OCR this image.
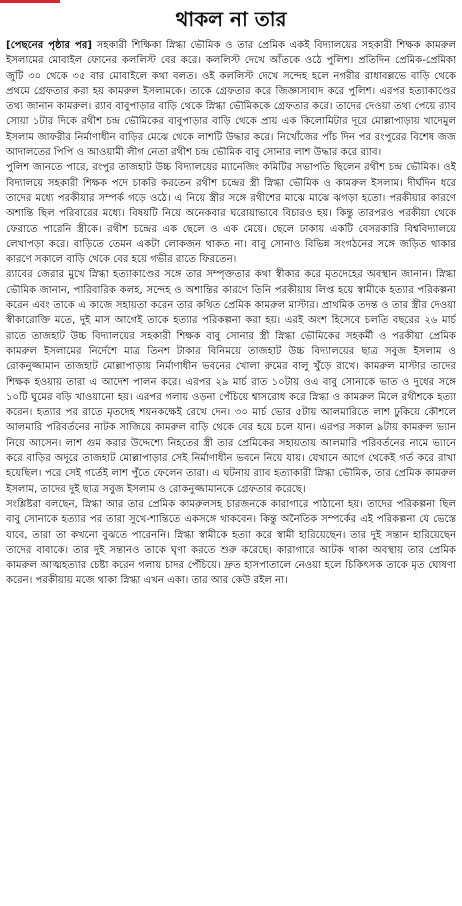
থাকল না তার

[পেছনের পৃষ্ঠার পর] সহকারী শিক্ষিকা স্নিগ্ধা ভৌমিক ও তার প্রেমিক একই বিদ্যালয়ের সহকারী শিক্ষক কামরুল ইসলামের মোবাইল ফোনের কললিস্ট বের করে। কললিস্ট দেখে আঁতকে ওঠে পুলিশ। প্রতিদিন প্রেমিক-প্রেমিকা জুটি ৩০ থেকে ৩৫ বার মোবাইলে কথা বলত। ওই কললিস্ট দেখে সন্দেহ হলে নগরীর রাধাবল্লভে বাড়ি থেকে প্রথমে গ্রেফতার করা হয় কামরুল ইসলামকে। তাকে গ্রেফতার করে জিজ্ঞাসাবাদ করে পুলিশ। এরপর হত্যাকাণ্ডের তথ্য জানান কামরুল। র‌্যাব বাবুপাড়ার বাড়ি থেকে স্নিগ্ধা ভৌমিককে গ্রেফতার করে। তাদের দেওয়া তথ্য পেয়ে র‌্যাব সোয়া ১টার দিকে রথীশ চন্দ্র ভৌমিকের বাবুপাড়ার বাড়ি থেকে প্রায় এক কিলোমিটার দূরে মোল্লাপাড়ায় খাদেমুল ইসলাম জাফরীর নির্মাণাধীন বাড়ির মেঝে থেকে লাশটি উদ্ধার করে। নিখোঁজের পাঁচ দিন পর রংপুরের বিশেষ জজ আদালতের পিপি ও আওয়ামী লীগ নেতা রথীশ চন্দ্র ভৌমিক বাবু সোনার লাশ উদ্ধার করে র‌্যাব।

পুলিশ জানতে পারে, রংপুর তাজহাট উচ্চ বিদ্যালয়ের ম্যানেজিং কমিটির সভাপতি ছিলেন রথীশ চন্দ্র ভৌমিক। ওই বিদ্যালয়ে সহকারী শিক্ষক পদে চাকরি করতেন রথীশ চন্দ্রের স্ত্রী স্নিগ্ধা ভৌমিক ও কামরুল ইসলাম। দীর্ঘদিন ধরে তাদের মধ্যে পরকীয়ার সম্পর্ক গড়ে ওঠে। এ নিয়ে স্ত্রীর সঙ্গে রথীশের মাঝে মাঝে ঝগড়া হতো। পরকীয়ার কারণে অশান্তি ছিল পরিবারের মধ্যে। বিষয়টি নিয়ে অনেকবার ঘরোয়াভাবে বিচারও হয়। কিন্তু তারপরও পরকীয়া থেকে ফেরাতে পারেনি স্ত্রীকে। রথীশ চন্দ্রের এক ছেলে ও এক মেয়ে। ছেলে ঢাকায় একটি বেসরকারি বিশ্ববিদ্যালয়ে লেখাপড়া করে। বাড়িতে তেমন একটা লোকজন থাকত না। বাবু সোনাও বিভিন্ন সংগঠনের সঙ্গে জড়িত থাকার কারণে সকালে বাড়ি থেকে বের হয়ে গভীর রাতে ফিরতেন।

র‌্যাবের জেরার মুখে স্নিগ্ধা হত্যাকাণ্ডের সঙ্গে তার সম্পৃক্ততার কথা স্বীকার করে মৃতদেহের অবস্থান জানান। স্নিগ্ধা ভৌমিক জানান, পারিবারিক কলহ, সন্দেহ ও অশান্তির কারণে তিনি পরকীয়ায় লিপ্ত হয়ে স্বামীকে হত্যার পরিকল্পনা করেন এবং তাকে এ কাজে সহায়তা করেন তার কথিত প্রেমিক কামরুল মাস্টার। প্রাথমিক তদন্ত ও তার স্ত্রীর দেওয়া স্বীকারোক্তি মতে, দুই মাস আগেই তাকে হত্যার পরিকল্পনা করা হয়। এরই অংশ হিসেবে চলতি বছরের ২৬ মার্চ রাতে তাজহাট উচ্চ বিদ্যালয়ের সহকারী শিক্ষক বাবু সোনার স্ত্রী স্নিগ্ধা ভৌমিকের সহকর্মী ও পরকীয়া প্রেমিক কামরুল ইসলামের নির্দেশে মাত্র তিনশ টাকার বিনিময়ে তাজহাট উচ্চ বিদ্যালয়ের ছাত্র সবুজ ইসলাম ও রোকনুজ্জামান তাজহাট মোল্লাপাড়ায় নির্মাণাধীন ভবনের খোলা রুমের বালু খুঁড়ে রাখে। কামরুল মাস্টার তাদের শিক্ষক হওয়ায় তারা এ আদেশ পালন করে। এরপর ২৯ মার্চ রাত ১০টায় ওএ বাবু সোনাকে ভাত ও দুধের সঙ্গে ১০টি ঘুমের বড়ি খাওয়ানো হয়। এরপর গলায় ওড়না পেঁচিয়ে শ্বাসরোধ করে স্নিগ্ধা ও কামরুল মিলে রথীশকে হত্যা করেন। হত্যার পর রাতে মৃতদেহ শয়নকক্ষেই রেখে দেন। ৩০ মার্চ ভোর ৫টায় আলমারিতে লাশ ঢুকিয়ে কৌশলে আলমারি পরিবর্তনের নাটক সাজিয়ে কামরুল বাড়ি থেকে বের হয়ে চলে যান। এরপর সকাল ৯টায় কামরুল ভ্যান নিয়ে আসেন। লাশ গুম করার উদ্দেশ্যে নিহতের স্ত্রী তার প্রেমিকের সহায়তায় আলমারি পরিবর্তনের নামে ভ্যানে করে বাড়ির অদূরে তাজহাট মোল্লাপাড়ার সেই নির্মাণাধীন ভবনে নিয়ে যায়। যেখানে আগে থেকেই গর্ত করে রাখা হয়েছিল। পরে সেই গর্তেই লাশ পুঁতে ফেলেন তারা। এ ঘটনায় র‌্যাব হত্যাকারী স্নিগ্ধা ভৌমিক, তার প্রেমিক কামরুল ইসলাম, তাদের দুই ছাত্র সবুজ ইসলাম ও রোকনুজ্জামানকে গ্রেফতার করেছে।

সংশ্লিষ্টরা বলছেন, স্নিগ্ধা আর তার প্রেমিক কামরুলসহ চারজনকে কারাগারে পাঠানো হয়। তাদের পরিকল্পনা ছিল বাবু সোনাকে হত্যার পর তারা সুখে-শান্তিতে একসঙ্গে থাকবেন। কিন্তু অনৈতিক সম্পর্কের এই পরিকল্পনা যে ভেস্তে যাবে, তারা তা কখনো বুঝতে পারেননি। স্নিগ্ধা স্বামীকে হত্যা করে স্বামী হারিয়েছেন। তার দুই সন্তান হারিয়েছেন তাদের বাবাকে। তার দুই সন্তানও তাকে ঘৃণা করতে শুরু করেছে। কারাগারে আটক থাকা অবস্থায় তার প্রেমিক কামরুল আত্মহত্যার চেষ্টা করেন গলায় চাদর পেঁচিয়ে। দ্রুত হাসপাতালে নেওয়া হলে চিকিৎসক তাকে মৃত ঘোষণা করেন। পরকীয়ায় মজে থাকা স্নিগ্ধা এখন একা। তার আর কেউ রইল না।
